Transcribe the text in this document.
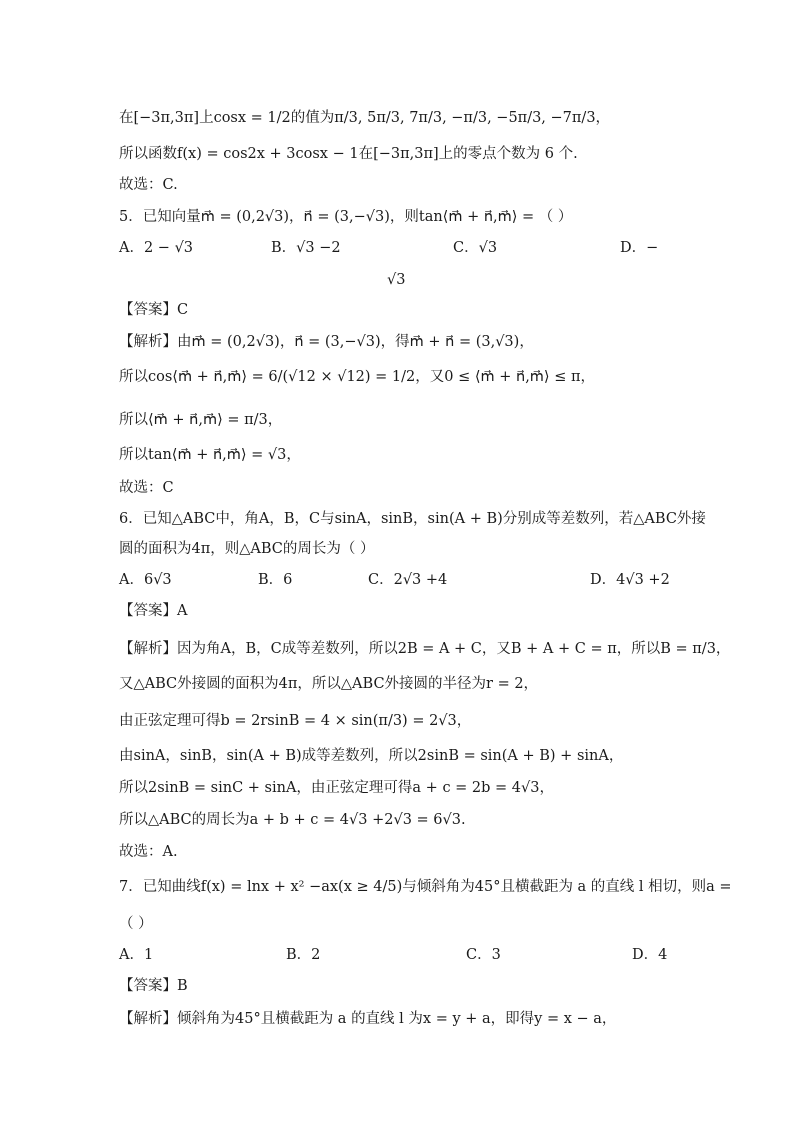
在[−3π,3π]上cosx = 1/2的值为π/3, 5π/3, 7π/3, −π/3, −5π/3, −7π/3，
所以函数f(x) = cos2x + 3cosx − 1在[−3π,3π]上的零点个数为 6 个.
故选：C.
5．已知向量m⃗ = (0,2√3)，n⃗ = (3,−√3)，则tan⟨m⃗ + n⃗,m⃗⟩ = （ ）
A．2 − √3	B．√3 −2	C．√3	D．−
√3
【答案】C
【解析】由m⃗ = (0,2√3)，n⃗ = (3,−√3)，得m⃗ + n⃗ = (3,√3)，
所以cos⟨m⃗ + n⃗,m⃗⟩ = 6/(√12 × √12) = 1/2，又0 ≤ ⟨m⃗ + n⃗,m⃗⟩ ≤ π，
所以⟨m⃗ + n⃗,m⃗⟩ = π/3，
所以tan⟨m⃗ + n⃗,m⃗⟩ = √3，
故选：C
6．已知△ABC中，角A，B，C与sinA，sinB，sin(A + B)分别成等差数列，若△ABC外接
圆的面积为4π，则△ABC的周长为（ ）
A．6√3	B．6	C．2√3 +4	D．4√3 +2
【答案】A
【解析】因为角A，B，C成等差数列，所以2B = A + C，又B + A + C = π，所以B = π/3，
又△ABC外接圆的面积为4π，所以△ABC外接圆的半径为r = 2，
由正弦定理可得b = 2rsinB = 4 × sin(π/3) = 2√3，
由sinA，sinB，sin(A + B)成等差数列，所以2sinB = sin(A + B) + sinA，
所以2sinB = sinC + sinA，由正弦定理可得a + c = 2b = 4√3，
所以△ABC的周长为a + b + c = 4√3 +2√3 = 6√3.
故选：A.
7．已知曲线f(x) = lnx + x² −ax(x ≥ 4/5)与倾斜角为45°且横截距为 a 的直线 l 相切，则a =
（ ）
A．1	B．2	C．3	D．4
【答案】B
【解析】倾斜角为45°且横截距为 a 的直线 l 为x = y + a，即得y = x − a，
